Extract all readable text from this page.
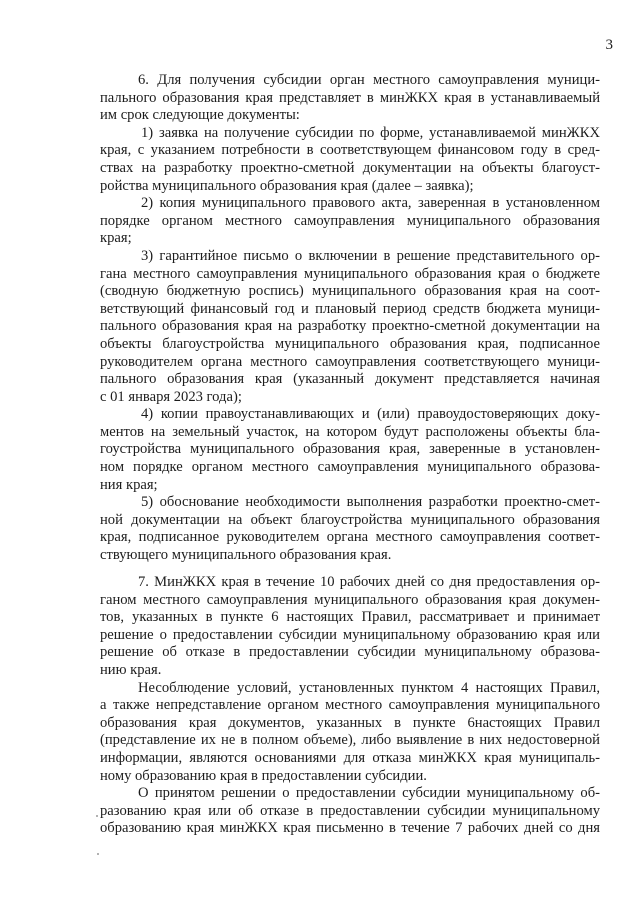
3
6. Для получения субсидии орган местного самоуправления муници-
пального образования края представляет в минЖКХ края в устанавливаемый
им срок следующие документы:
1) заявка на получение субсидии по форме, устанавливаемой минЖКХ
края, с указанием потребности в соответствующем финансовом году в сред-
ствах на разработку проектно-сметной документации на объекты благоуст-
ройства муниципального образования края (далее – заявка);
2) копия муниципального правового акта, заверенная в установленном
порядке органом местного самоуправления муниципального образования
края;
3) гарантийное письмо о включении в решение представительного ор-
гана местного самоуправления муниципального образования края о бюджете
(сводную бюджетную роспись) муниципального образования края на соот-
ветствующий финансовый год и плановый период средств бюджета муници-
пального образования края на разработку проектно-сметной документации на
объекты благоустройства муниципального образования края, подписанное
руководителем органа местного самоуправления соответствующего муници-
пального образования края (указанный документ представляется начиная
с 01 января 2023 года);
4) копии правоустанавливающих и (или) правоудостоверяющих доку-
ментов на земельный участок, на котором будут расположены объекты бла-
гоустройства муниципального образования края, заверенные в установлен-
ном порядке органом местного самоуправления муниципального образова-
ния края;
5) обоснование необходимости выполнения разработки проектно-смет-
ной документации на объект благоустройства муниципального образования
края, подписанное руководителем органа местного самоуправления соответ-
ствующего муниципального образования края.
7. МинЖКХ края в течение 10 рабочих дней со дня предоставления ор-
ганом местного самоуправления муниципального образования края докумен-
тов, указанных в пункте 6 настоящих Правил, рассматривает и принимает
решение о предоставлении субсидии муниципальному образованию края или
решение об отказе в предоставлении субсидии муниципальному образова-
нию края.
Несоблюдение условий, установленных пунктом 4 настоящих Правил,
а также непредставление органом местного самоуправления муниципального
образования края документов, указанных в пункте 6настоящих Правил
(представление их не в полном объеме), либо выявление в них недостоверной
информации, являются основаниями для отказа минЖКХ края муниципаль-
ному образованию края в предоставлении субсидии.
О принятом решении о предоставлении субсидии муниципальному об-
разованию края или об отказе в предоставлении субсидии муниципальному
образованию края минЖКХ края письменно в течение 7 рабочих дней со дня
